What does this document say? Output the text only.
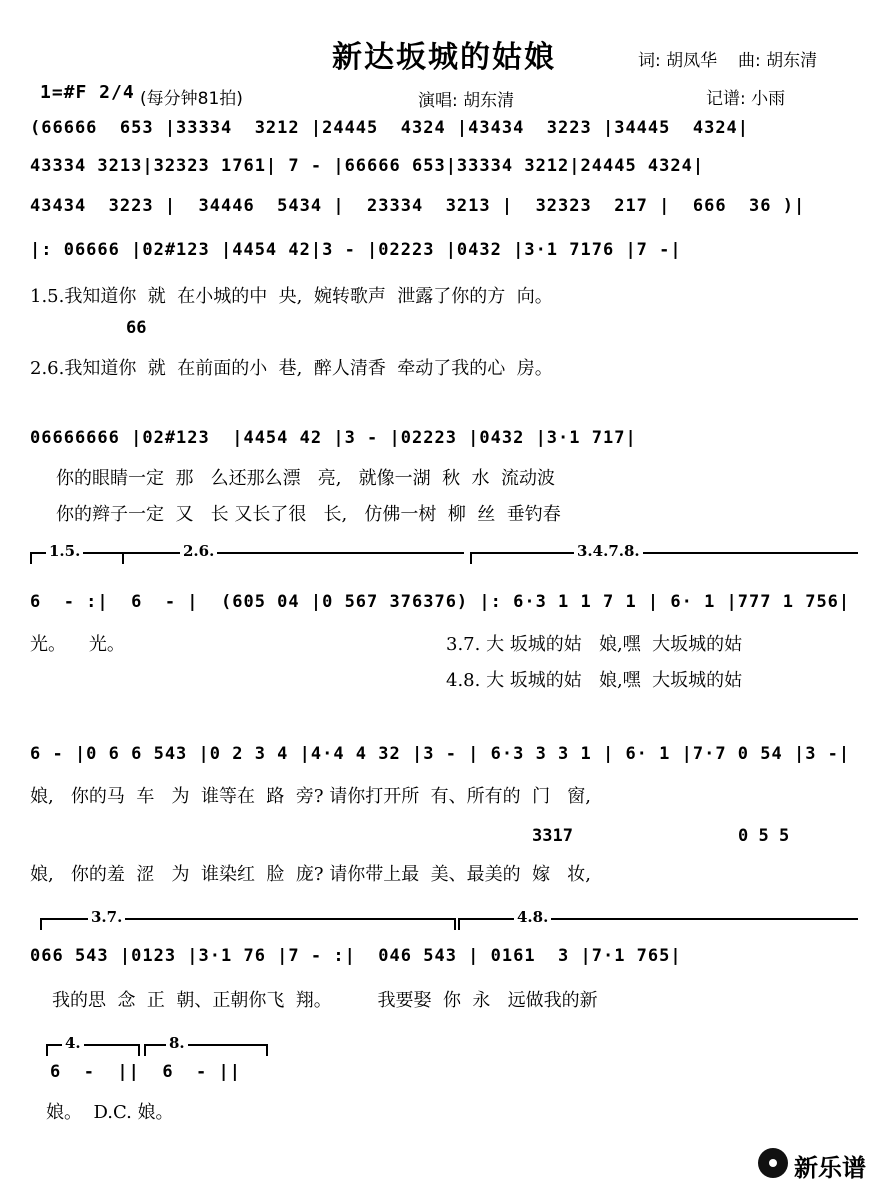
新达坂城的姑娘	词: 胡凤华 曲: 胡东清
1=#F 2/4 (每分钟81拍)	演唱: 胡东清	记谱: 小雨
(66666  653 |33334  3212 |24445  4324 |43434  3223 |34445  4324|
43334 3213|32323 1761| 7 - |66666 653|33334 3212|24445 4324|
43434  3223 |  34446  5434 |  23334  3213 |  32323  217 |  666  36 )|
|: 06666 |02#123 |4454 42|3 - |02223 |0432 |3·1 7176 |7 -|
1.5.我知道你  就  在小城的中  央,  婉转歌声  泄露了你的方  向。
66
2.6.我知道你  就  在前面的小  巷,  醉人清香  牵动了我的心  房。
06666666 |02#123  |4454 42 |3 - |02223 |0432 |3·1 717|
你的眼睛一定  那   么还那么漂   亮,   就像一湖  秋  水  流动波
你的辫子一定  又   长 又长了很   长,   仿佛一树  柳  丝  垂钓春
1.5.	2.6.	3.4.7.8.
6  - :|  6  - |  (605 04 |0 567 376376) |: 6·3 1 1 7 1 | 6· 1 |777 1 756|
光。    光。	3.7. 大 坂城的姑   娘,嘿  大坂城的姑
4.8. 大 坂城的姑   娘,嘿  大坂城的姑
6 - |0 6 6 543 |0 2 3 4 |4·4 4 32 |3 - | 6·3 3 3 1 | 6· 1 |7·7 0 54 |3 -|
娘,   你的马  车   为  谁等在  路  旁? 请你打开所  有、所有的  门   窗,
3317	0 5 5
娘,   你的羞  涩   为  谁染红  脸  庞? 请你带上最  美、最美的  嫁   妆,
3.7.	4.8.
066 543 |0123 |3·1 76 |7 - :|  046 543 | 0161  3 |7·1 765|
我的思  念  正  朝、正朝你飞  翔。        我要娶  你  永   远做我的新
4.	8.
6  -  ||  6  - ||
娘。  D.C. 娘。
新乐谱
